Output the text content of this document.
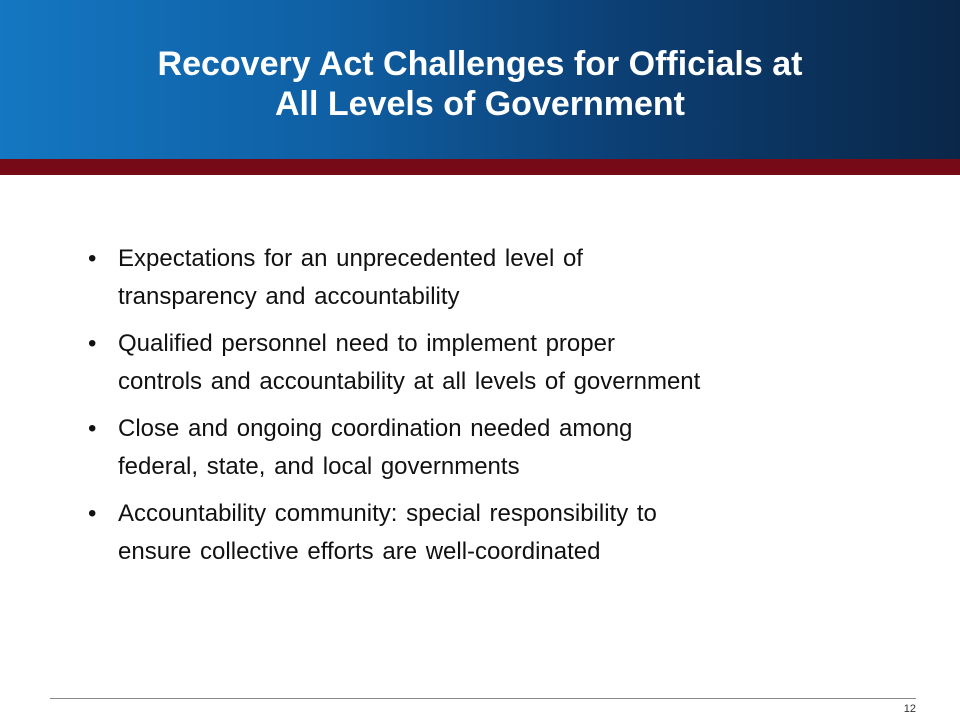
Recovery Act Challenges for Officials at
All Levels of Government
• Expectations for an unprecedented level of
transparency and accountability
• Qualified personnel need to implement proper
controls and accountability at all levels of government
• Close and ongoing coordination needed among
federal, state, and local governments
• Accountability community: special responsibility to
ensure collective efforts are well-coordinated
12
